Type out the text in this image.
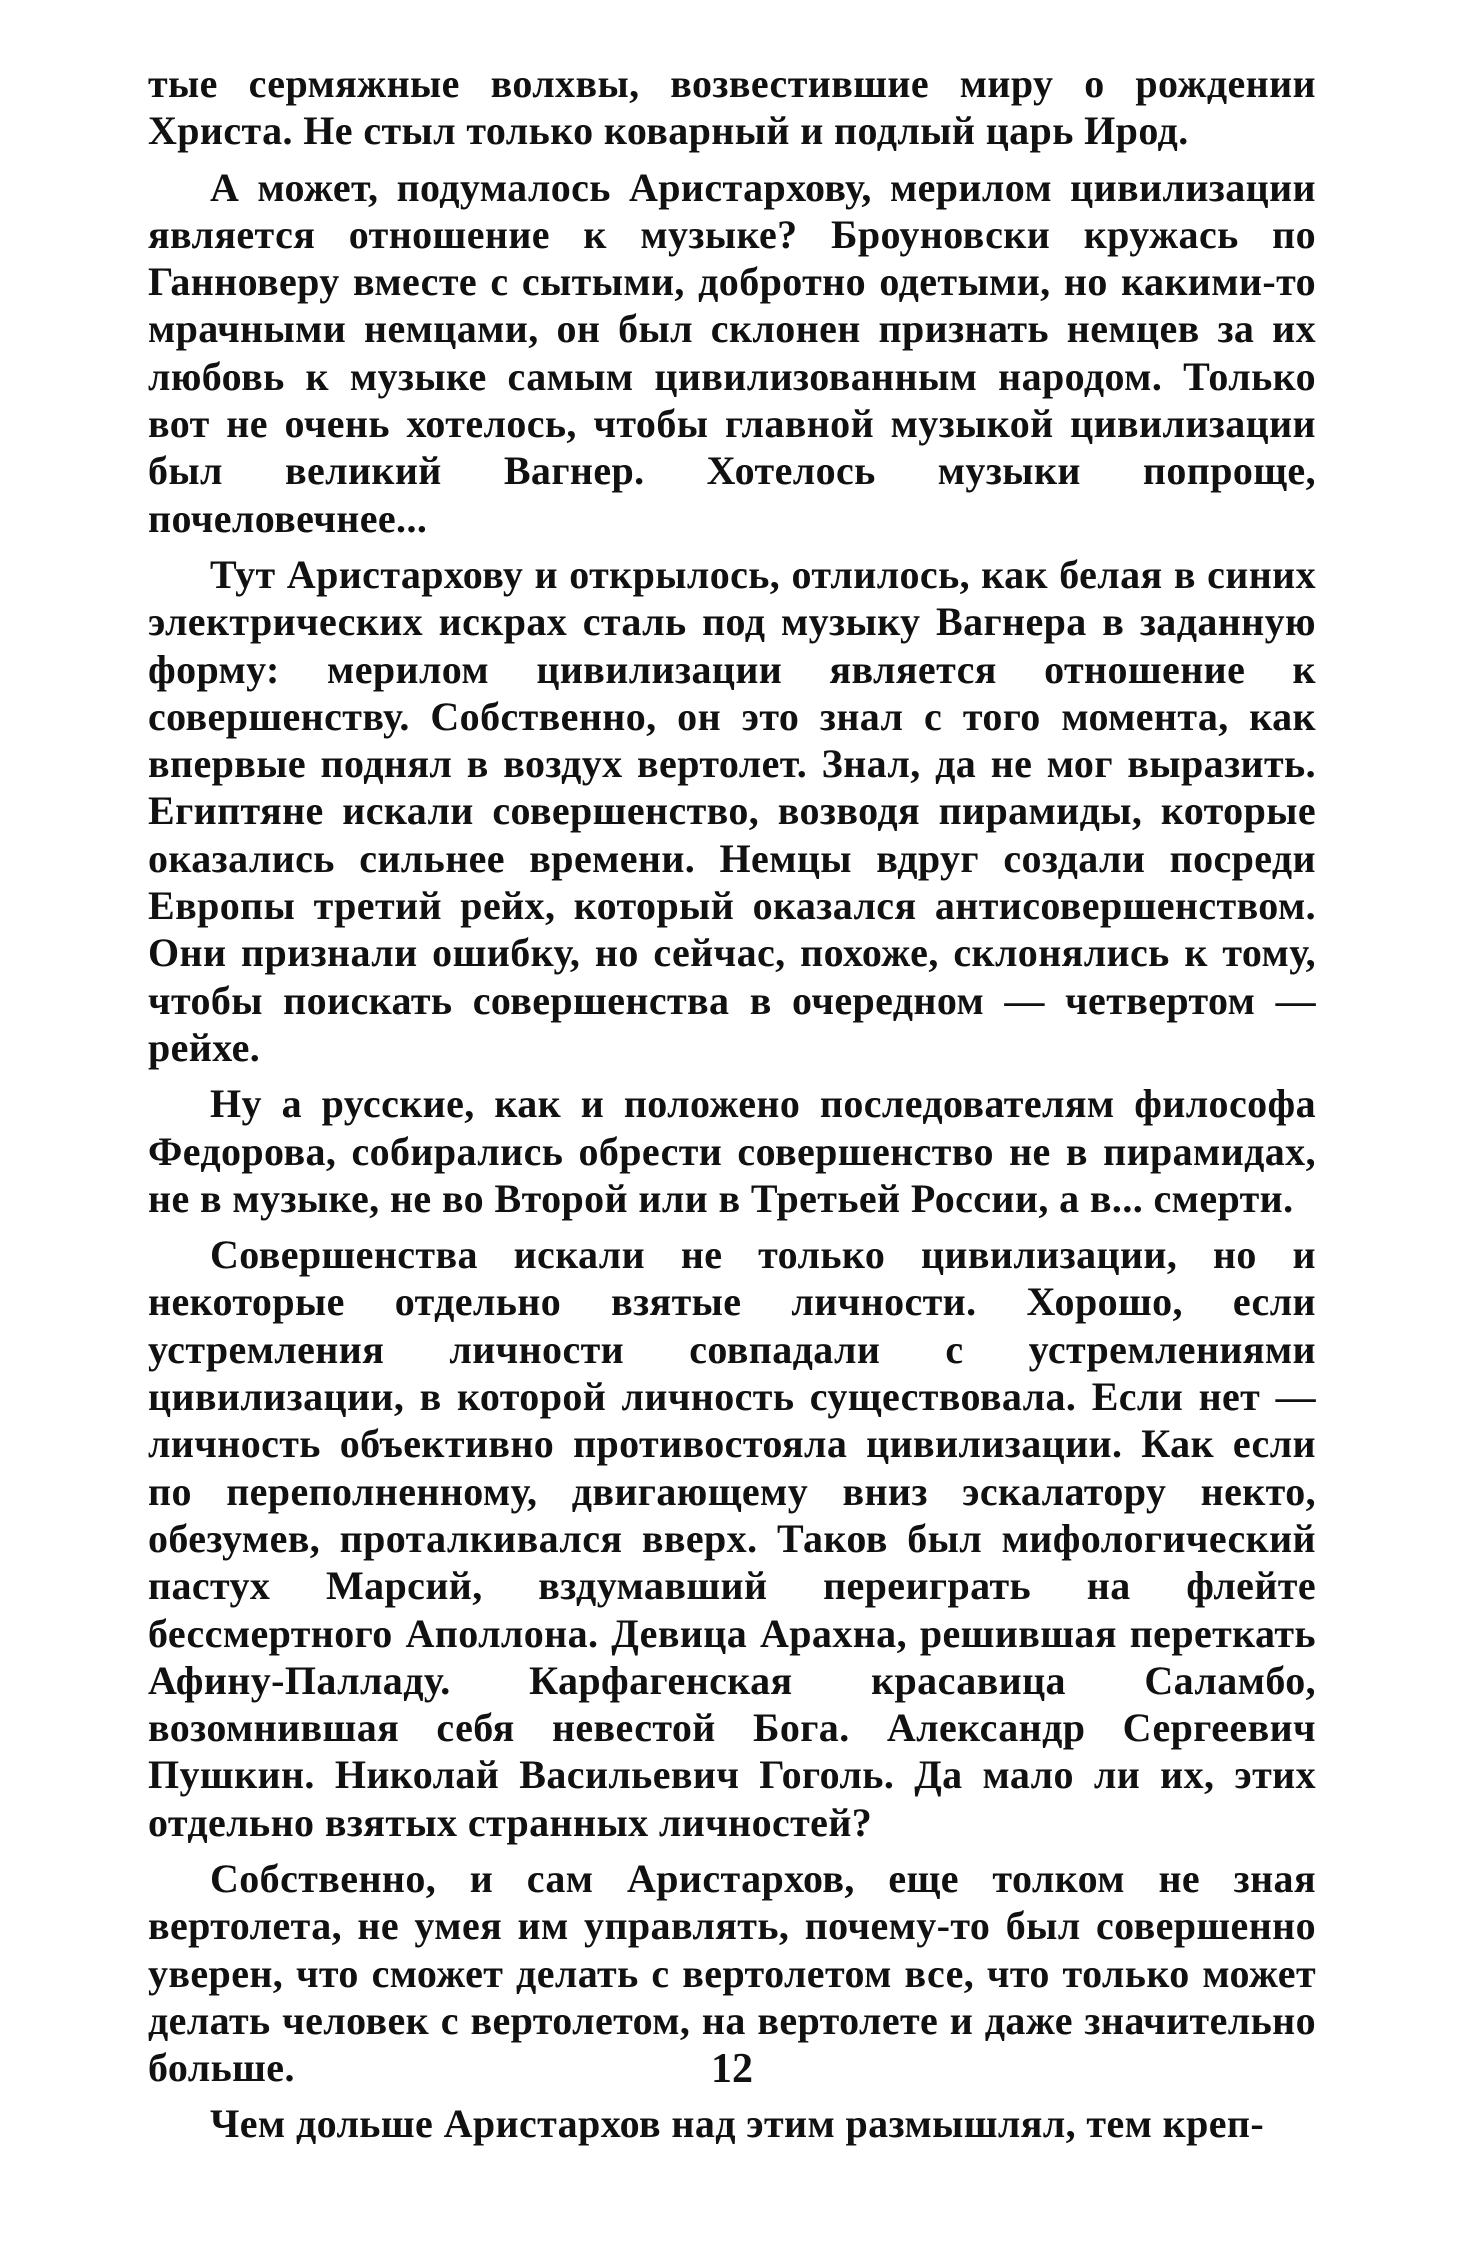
тые сермяжные волхвы, возвестившие миру о рождении Христа. Не стыл только коварный и подлый царь Ирод.

А может, подумалось Аристархову, мерилом цивилизации является отношение к музыке? Броуновски кружась по Ганноверу вместе с сытыми, добротно одетыми, но какими-то мрачными немцами, он был склонен признать немцев за их любовь к музыке самым цивилизованным народом. Только вот не очень хотелось, чтобы главной музыкой цивилизации был великий Вагнер. Хотелось музыки попроще, почеловечнее...

Тут Аристархову и открылось, отлилось, как белая в синих электрических искрах сталь под музыку Вагнера в заданную форму: мерилом цивилизации является отношение к совершенству. Собственно, он это знал с того момента, как впервые поднял в воздух вертолет. Знал, да не мог выразить. Египтяне искали совершенство, возводя пирамиды, которые оказались сильнее времени. Немцы вдруг создали посреди Европы третий рейх, который оказался антисовершенством. Они признали ошибку, но сейчас, похоже, склонялись к тому, чтобы поискать совершенства в очередном — четвертом — рейхе.

Ну а русские, как и положено последователям философа Федорова, собирались обрести совершенство не в пирамидах, не в музыке, не во Второй или в Третьей России, а в... смерти.

Совершенства искали не только цивилизации, но и некоторые отдельно взятые личности. Хорошо, если устремления личности совпадали с устремлениями цивилизации, в которой личность существовала. Если нет — личность объективно противостояла цивилизации. Как если по переполненному, двигающему вниз эскалатору некто, обезумев, проталкивался вверх. Таков был мифологический пастух Марсий, вздумавший переиграть на флейте бессмертного Аполлона. Девица Арахна, решившая переткать Афину-Палладу. Карфагенская красавица Саламбо, возомнившая себя невестой Бога. Александр Сергеевич Пушкин. Николай Васильевич Гоголь. Да мало ли их, этих отдельно взятых странных личностей?

Собственно, и сам Аристархов, еще толком не зная вертолета, не умея им управлять, почему-то был совершенно уверен, что сможет делать с вертолетом все, что только может делать человек с вертолетом, на вертолете и даже значительно больше.

Чем дольше Аристархов над этим размышлял, тем креп-

12
